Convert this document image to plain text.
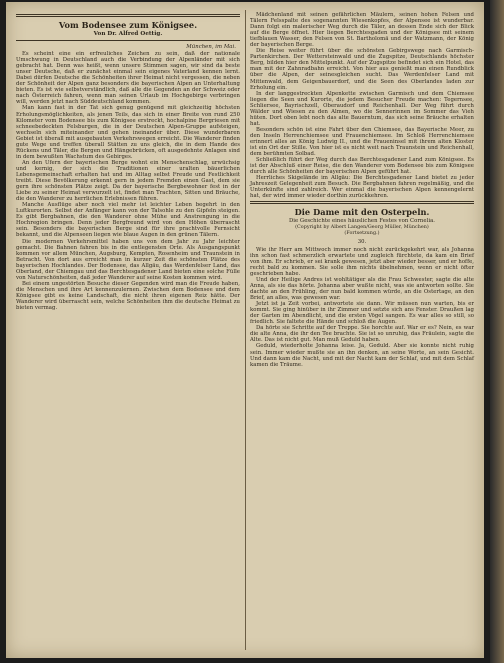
Vom Bodensee zum Königsee.
Von Dr. Alfred Oettig.
München, im Mai.

Es scheint eine ein erfreuliches Zeichen zu sein, daß der nationale Umschwung in Deutschland auch die Verbindung der Alpenländer mit sich gebracht hat. Denn was heißt, wenn unsere Stimmen sagen, wir sind da beste unser Deutsche, daß er zunächst einmal sein eigenes Vaterland kennen lernt. Dabei dürfen Deutsche die Schönheiten ihrer Heimat nicht vergessen, die neben der Schönheit der Alpen ganz besonders die bayerischen Alpen an Unterhaltung bieten. Es ist wie selbstverständlich, daß alle die Gegenden an der Schweiz oder nach Österreich fahren, wenn man seinen Urlaub im Hochgebirge verbringen will, werden jetzt nach Süddeutschland kommen.

Man kann fast in der Tat sich genug genügend mit gleichzeitig höchsten Erholungsmöglichkeiten, als jenen Teils, das sich in einer Breite von rund 250 Kilometer vom Bodensee bis zum Königsee erstreckt, hochalpine Bergriesen mit schneebedeckten Felsburgen, die in der Deutschen Alpen-Gruppe aufsteigen, wechseln sich miteinander und gehen ineinander über. Diese wunderbaren Gebiet ist überall mit ausgebauten Verkehrswegen erreicht. Die Wanderer finden gute Wege und treffen überall Stätten zu uns gleich, die in dem Hande des Rückens und Täler, die Bergen und Hängebrücken, oft ausgedehnte Anlagen sind in dem bewußten Wachstum des Gebirges.

An den Ufern der bayerischen Berge wohnt ein Menschenschlag, urwüchsig und kernig, der sich die Traditionen einer uralten bäuerlichen Lebensgemeinschaft erhalten hat und im Alltag selbst Freude und Festlichkeit treibt. Diese Bevölkerung erkennt gern in jedem Fremden einen Gast, dem sie gern ihre schönsten Plätze zeigt. Da der bayerische Bergbewohner fest in der Liebe zu seiner Heimat verwurzelt ist, findet man Trachten, Sitten und Bräuche, die den Wanderer zu herrlichen Erlebnissen führen.

Manche Ausflüge aber noch viel mehr ist leichter Leben begehrt in den Luftkurorten. Selbst der Anfänger kann von der Talsohle zu den Gipfeln steigen. Es gibt Bergbahnen, die den Wanderer ohne Mühe und Anstrengung in die Hochregion bringen. Denn jeder Bergfreund wird von den Höhen überrascht sein. Besonders die bayerischen Berge sind für ihre prachtvolle Fernsicht bekannt, und die Alpenseen liegen wie blaue Augen in den grünen Tälern.

Die modernen Verkehrsmittel haben uns von dem Jahr zu Jahr leichter gemacht. Die Bahnen fahren bis in die entlegensten Orte. Als Ausgangspunkt kommen vor allem München, Augsburg, Kempten, Rosenheim und Traunstein in Betracht. Von dort aus erreicht man in kurzer Zeit die schönsten Plätze des bayerischen Hochlandes. Der Bodensee, das Allgäu, das Werdenfelser Land, das Oberland, der Chiemgau und das Berchtesgadener Land bieten eine solche Fülle von Naturschönheiten, daß jeder Wanderer auf seine Kosten kommen wird.

Bei einem ungestörten Besuche dieser Gegenden wird man die Freude haben, die Menschen und ihre Art kennenzulernen. Zwischen dem Bodensee und dem Königsee gibt es keine Landschaft, die nicht ihren eigenen Reiz hätte. Der Wanderer wird überrascht sein, welche Schönheiten ihm die deutsche Heimat zu bieten vermag.

Mädchenland mit seinen gefährlichen Mäulern, seinen hohen Felsen und Tälern Felsspalte des sogenannten Wiesenkopfes, der Alpensee ist wunderbar. Dann folgt ein malerischer Weg durch die Täler, an dessen Ende sich der Blick auf die Berge öffnet. Hier liegen Berchtesgaden und der Königsee mit seinem tiefblauen Wasser, den Felsen von St. Bartholomä und der Watzmann, der König der bayerischen Berge.

Die Reise weiter führt über die schönsten Gebirgswege nach Garmisch-Partenkirchen. Der Wettersteinwald und die Zugspitze, Deutschlands höchster Berg, bilden hier den Mittelpunkt. Auf der Zugspitze befindet sich ein Hotel, das man mit der Zahnradbahn erreicht. Von hier aus genießt man einen Rundblick über die Alpen, der seinesgleichen sucht. Das Werdenfelser Land mit Mittenwald, dem Geigenbauerdorf, und die Seen des Oberlandes laden zur Erholung ein.

In der langgestreckten Alpenkette zwischen Garmisch und dem Chiemsee liegen die Seen und Kurorte, die jedem Besucher Freude machen: Tegernsee, Schliersee, Bayrischzell, Oberaudorf und Reichenhall. Der Weg führt durch Wälder und Wiesen zu den Almen, wo die Sennerinnen im Sommer das Vieh hüten. Dort oben lebt noch das alte Bauerntum, das sich seine Bräuche erhalten hat.

Besonders schön ist eine Fahrt über den Chiemsee, das Bayerische Meer, zu den Inseln Herrenchiemsee und Frauenchiemsee. Im Schloß Herrenchiemsee erinnert alles an König Ludwig II., und die Fraueninsel mit ihrem alten Kloster ist ein Ort der Stille. Von hier ist es nicht weit nach Traunstein und Reichenhall, dem berühmten Solbad.

Schließlich führt der Weg durch das Berchtesgadener Land zum Königsee. Es ist der Abschluß einer Reise, die den Wanderer vom Bodensee bis zum Königsee durch alle Schönheiten der bayerischen Alpen geführt hat.

Herrliches Skigelände im Allgäu: Die Berchtesgadener Land bietet zu jeder Jahreszeit Gelegenheit zum Besuch. Die Bergbahnen fahren regelmäßig, und die Unterkünfte sind zahlreich. Wer einmal die bayerischen Alpen kennengelernt hat, der wird immer wieder dorthin zurückkehren.

Die Dame mit den Osterpeln.
Die Geschichte eines häuslichen Festes von Cornelia.
(Copyright by Albert Langen/Georg Müller, München)
(Fortsetzung.)
30.

Wie ihr Herr am Mittwoch immer noch nicht zurückgekehrt war, als Johanna ihn schon fast schmerzlich erwartete und zugleich fürchtete, da kam ein Brief von ihm. Er schrieb, er sei krank gewesen, jetzt aber wieder besser, und er hoffe, recht bald zu kommen. Sie solle ihm nichts übelnehmen, wenn er nicht öfter geschrieben habe.

Und der Heilige Andres ist wohltätiger als die Frau Schwester, sagte die alte Anna, als sie das hörte. Johanna aber wußte nicht, was sie antworten sollte. Sie dachte an den Frühling, der nun bald kommen würde, an die Ostertage, an den Brief, an alles, was gewesen war.

Jetzt ist ja Zeit vorbei, antwortete sie dann. Wir müssen nun warten, bis er kommt. Sie ging hinüber in ihr Zimmer und setzte sich ans Fenster. Draußen lag der Garten im Abendlicht, und die ersten Vögel sangen. Es war alles so still, so friedlich. Sie faltete die Hände und schloß die Augen.

Da hörte sie Schritte auf der Treppe. Sie horchte auf. War er es? Nein, es war die alte Anna, die ihr den Tee brachte. Sie ist so unruhig, das Fräulein, sagte die Alte. Das ist nicht gut. Man muß Geduld haben.

Geduld, wiederholte Johanna leise. Ja, Geduld. Aber sie konnte nicht ruhig sein. Immer wieder mußte sie an ihn denken, an seine Worte, an sein Gesicht. Und dann kam die Nacht, und mit der Nacht kam der Schlaf, und mit dem Schlaf kamen die Träume.
